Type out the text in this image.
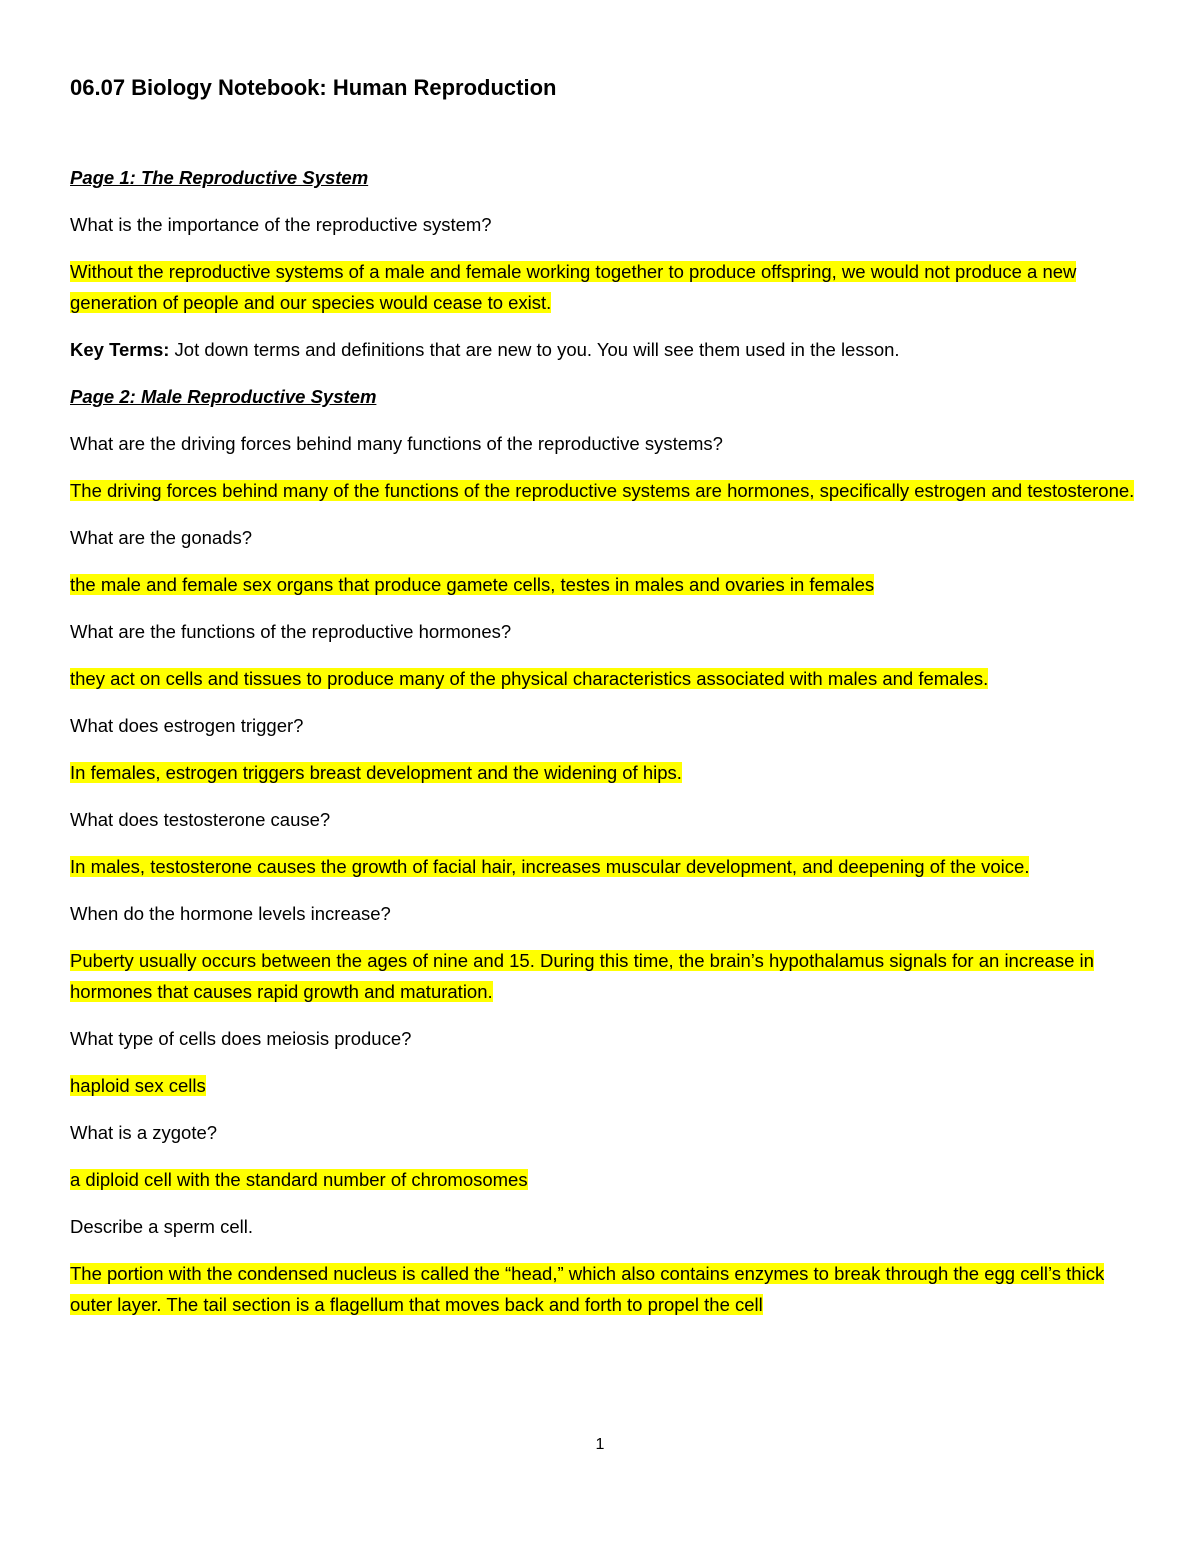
06.07 Biology Notebook: Human Reproduction
Page 1: The Reproductive System
What is the importance of the reproductive system?
Without the reproductive systems of a male and female working together to produce offspring, we would not produce a new generation of people and our species would cease to exist.
Key Terms: Jot down terms and definitions that are new to you. You will see them used in the lesson.
Page 2: Male Reproductive System
What are the driving forces behind many functions of the reproductive systems?
The driving forces behind many of the functions of the reproductive systems are hormones, specifically estrogen and testosterone.
What are the gonads?
the male and female sex organs that produce gamete cells, testes in males and ovaries in females
What are the functions of the reproductive hormones?
they act on cells and tissues to produce many of the physical characteristics associated with males and females.
What does estrogen trigger?
In females, estrogen triggers breast development and the widening of hips.
What does testosterone cause?
In males, testosterone causes the growth of facial hair, increases muscular development, and deepening of the voice.
When do the hormone levels increase?
Puberty usually occurs between the ages of nine and 15. During this time, the brain’s hypothalamus signals for an increase in hormones that causes rapid growth and maturation.
What type of cells does meiosis produce?
haploid sex cells
What is a zygote?
a diploid cell with the standard number of chromosomes
Describe a sperm cell.
The portion with the condensed nucleus is called the “head,” which also contains enzymes to break through the egg cell’s thick outer layer. The tail section is a flagellum that moves back and forth to propel the cell
1
